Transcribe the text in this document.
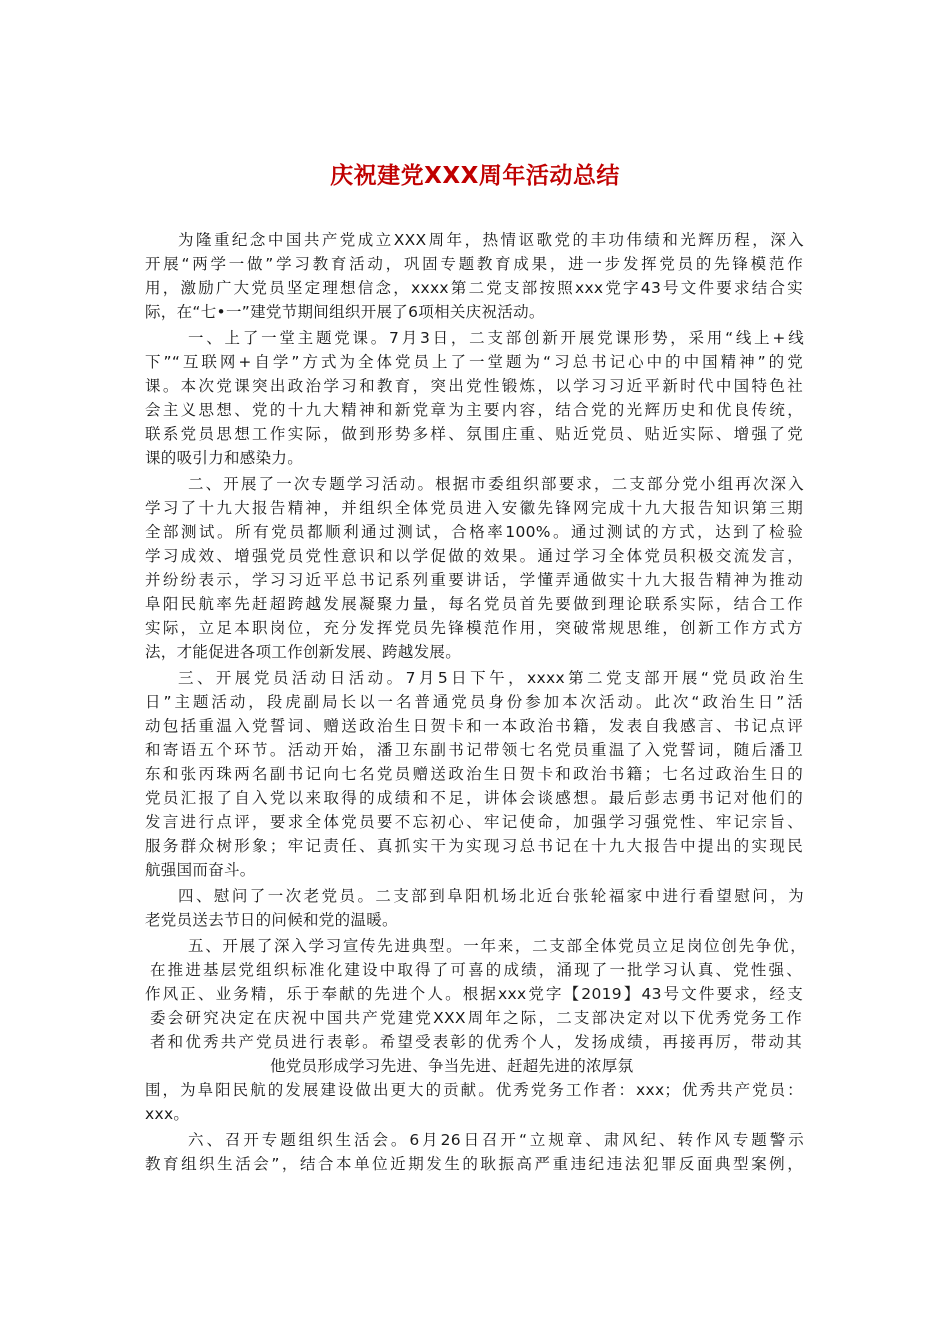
庆祝建党XXX周年活动总结
为隆重纪念中国共产党成立XXX周年，热情讴歌党的丰功伟绩和光辉历程，深入
开展“两学一做”学习教育活动，巩固专题教育成果，进一步发挥党员的先锋模范作
用，激励广大党员坚定理想信念，xxxx第二党支部按照xxx党字43号文件要求结合实
际，在“七•一”建党节期间组织开展了6项相关庆祝活动。
一、上了一堂主题党课。7月3日，二支部创新开展党课形势，采用“线上+线
下”“互联网+自学”方式为全体党员上了一堂题为“习总书记心中的中国精神”的党
课。本次党课突出政治学习和教育，突出党性锻炼，以学习习近平新时代中国特色社
会主义思想、党的十九大精神和新党章为主要内容，结合党的光辉历史和优良传统，
联系党员思想工作实际，做到形势多样、氛围庄重、贴近党员、贴近实际、增强了党
课的吸引力和感染力。
二、开展了一次专题学习活动。根据市委组织部要求，二支部分党小组再次深入
学习了十九大报告精神，并组织全体党员进入安徽先锋网完成十九大报告知识第三期
全部测试。所有党员都顺利通过测试，合格率100%。通过测试的方式，达到了检验
学习成效、增强党员党性意识和以学促做的效果。通过学习全体党员积极交流发言，
并纷纷表示，学习习近平总书记系列重要讲话，学懂弄通做实十九大报告精神为推动
阜阳民航率先赶超跨越发展凝聚力量，每名党员首先要做到理论联系实际，结合工作
实际，立足本职岗位，充分发挥党员先锋模范作用，突破常规思维，创新工作方式方
法，才能促进各项工作创新发展、跨越发展。
三、开展党员活动日活动。7月5日下午，xxxx第二党支部开展“党员政治生
日”主题活动，段虎副局长以一名普通党员身份参加本次活动。此次“政治生日”活
动包括重温入党誓词、赠送政治生日贺卡和一本政治书籍，发表自我感言、书记点评
和寄语五个环节。活动开始，潘卫东副书记带领七名党员重温了入党誓词，随后潘卫
东和张丙珠两名副书记向七名党员赠送政治生日贺卡和政治书籍；七名过政治生日的
党员汇报了自入党以来取得的成绩和不足，讲体会谈感想。最后彭志勇书记对他们的
发言进行点评，要求全体党员要不忘初心、牢记使命，加强学习强党性、牢记宗旨、
服务群众树形象；牢记责任、真抓实干为实现习总书记在十九大报告中提出的实现民
航强国而奋斗。
四、慰问了一次老党员。二支部到阜阳机场北近台张轮福家中进行看望慰问，为
老党员送去节日的问候和党的温暖。
五、开展了深入学习宣传先进典型。一年来，二支部全体党员立足岗位创先争优，
在推进基层党组织标准化建设中取得了可喜的成绩，涌现了一批学习认真、党性强、
作风正、业务精，乐于奉献的先进个人。根据xxx党字【2019】43号文件要求，经支
委会研究决定在庆祝中国共产党建党XXX周年之际，二支部决定对以下优秀党务工作
者和优秀共产党员进行表彰。希望受表彰的优秀个人，发扬成绩，再接再厉，带动其
他党员形成学习先进、争当先进、赶超先进的浓厚氛
围，为阜阳民航的发展建设做出更大的贡献。优秀党务工作者：xxx；优秀共产党员：
xxx。
六、召开专题组织生活会。6月26日召开“立规章、肃风纪、转作风专题警示
教育组织生活会”，结合本单位近期发生的耿振高严重违纪违法犯罪反面典型案例，
